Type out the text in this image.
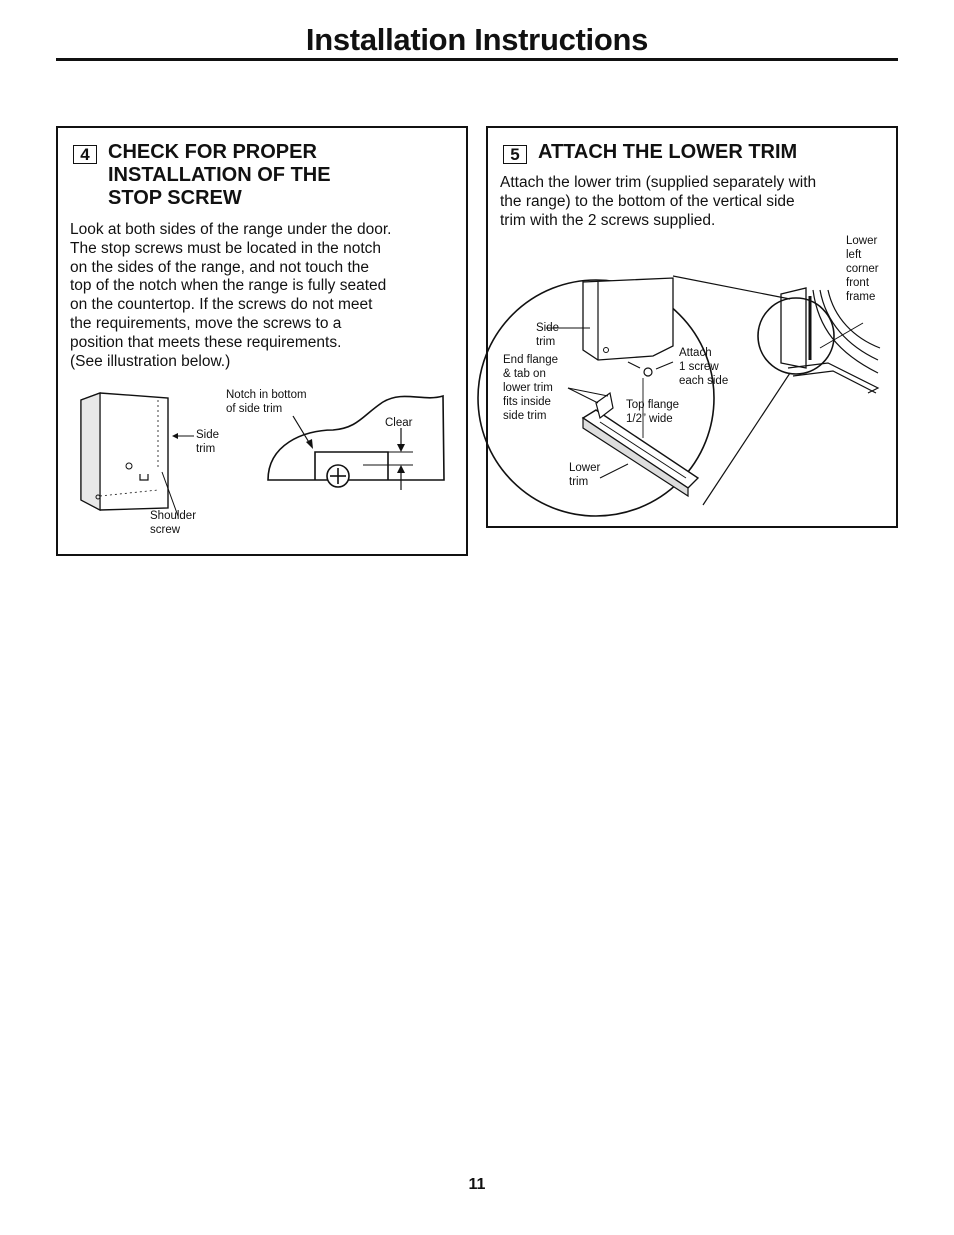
Installation Instructions
4 CHECK FOR PROPER
INSTALLATION OF THE
STOP SCREW
Look at both sides of the range under the door.
The stop screws must be located in the notch
on the sides of the range, and not touch the
top of the notch when the range is fully seated
on the countertop. If the screws do not meet
the requirements, move the screws to a
position that meets these requirements.
(See illustration below.)
Side
trim
Shoulder
screw
Notch in bottom
of side trim
Clear
5 ATTACH THE LOWER TRIM
Attach the lower trim (supplied separately with
the range) to the bottom of the vertical side
trim with the 2 screws supplied.
Lower
left
corner
front
frame
Side
trim
End flange
& tab on
lower trim
fits inside
side trim
Attach
1 screw
each side
Top flange
1/2” wide
Lower
trim
11
